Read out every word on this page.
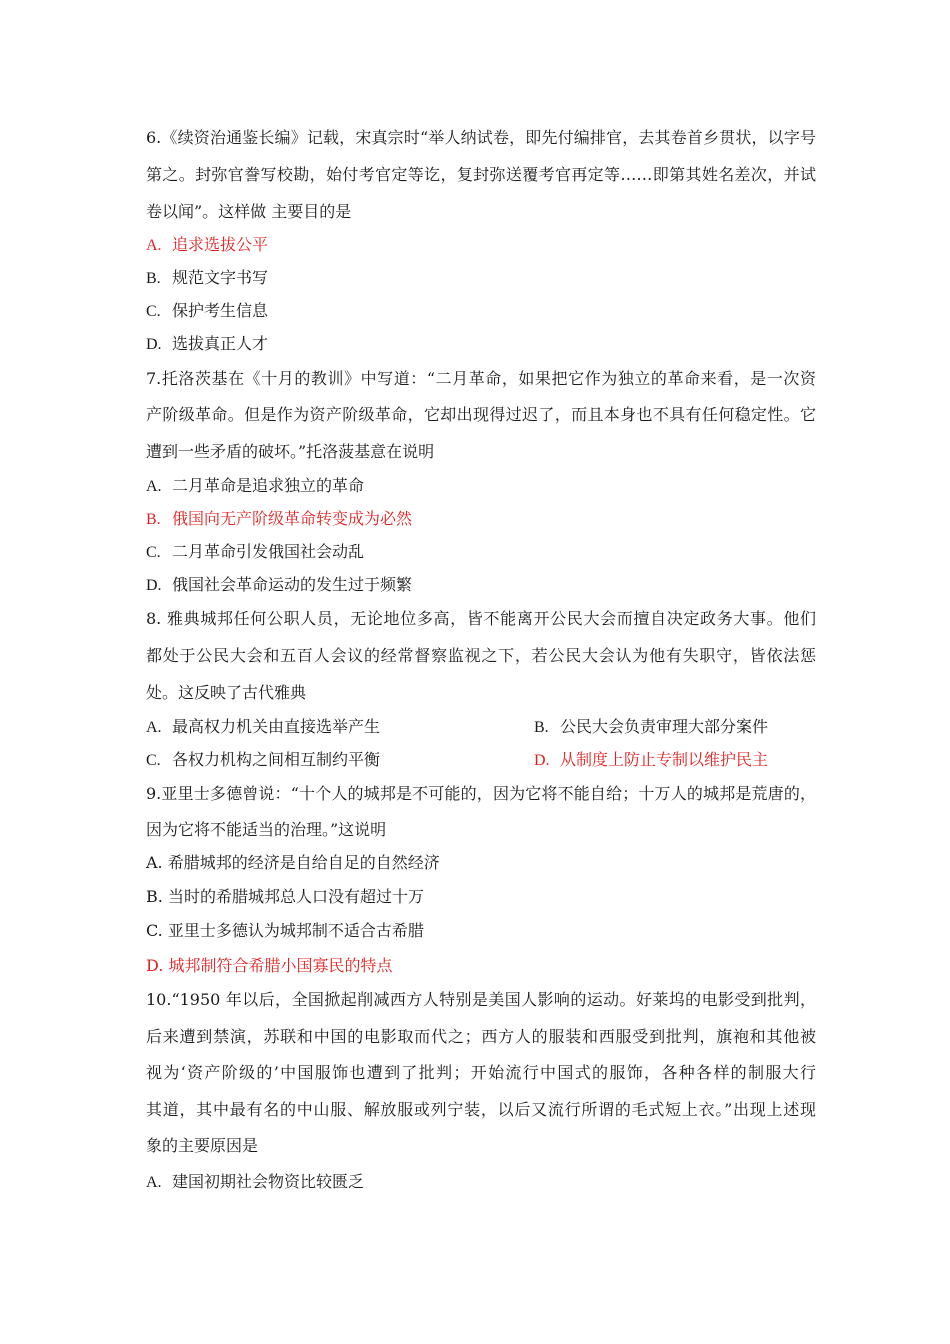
6.《续资治通鉴长编》记载，宋真宗时“举人纳试卷，即先付编排官，去其卷首乡贯状，以字号
第之。封弥官誊写校勘，始付考官定等讫，复封弥送覆考官再定等……即第其姓名差次，并试
卷以闻”。这样做 主要目的是
A. 追求选拔公平
B. 规范文字书写
C. 保护考生信息
D. 选拔真正人才
7.托洛茨基在《十月的教训》中写道：“二月革命，如果把它作为独立的革命来看，是一次资
产阶级革命。但是作为资产阶级革命，它却出现得过迟了，而且本身也不具有任何稳定性。它
遭到一些矛盾的破坏。”托洛菠基意在说明
A. 二月革命是追求独立的革命
B. 俄国向无产阶级革命转变成为必然
C. 二月革命引发俄国社会动乱
D. 俄国社会革命运动的发生过于频繁
8. 雅典城邦任何公职人员，无论地位多高，皆不能离开公民大会而擅自决定政务大事。他们
都处于公民大会和五百人会议的经常督察监视之下，若公民大会认为他有失职守，皆依法惩
处。这反映了古代雅典
A. 最高权力机关由直接选举产生	B. 公民大会负责审理大部分案件
C. 各权力机构之间相互制约平衡	D. 从制度上防止专制以维护民主
9.亚里士多德曾说：“十个人的城邦是不可能的，因为它将不能自给；十万人的城邦是荒唐的，
因为它将不能适当的治理。”这说明
A. 希腊城邦的经济是自给自足的自然经济
B. 当时的希腊城邦总人口没有超过十万
C. 亚里士多德认为城邦制不适合古希腊
D. 城邦制符合希腊小国寡民的特点
10.“1950 年以后，全国掀起削减西方人特别是美国人影响的运动。好莱坞的电影受到批判，
后来遭到禁演，苏联和中国的电影取而代之；西方人的服装和西服受到批判，旗袍和其他被
视为‘资产阶级的’中国服饰也遭到了批判；开始流行中国式的服饰，各种各样的制服大行
其道，其中最有名的中山服、解放服或列宁装，以后又流行所谓的毛式短上衣。”出现上述现
象的主要原因是
A. 建国初期社会物资比较匮乏
